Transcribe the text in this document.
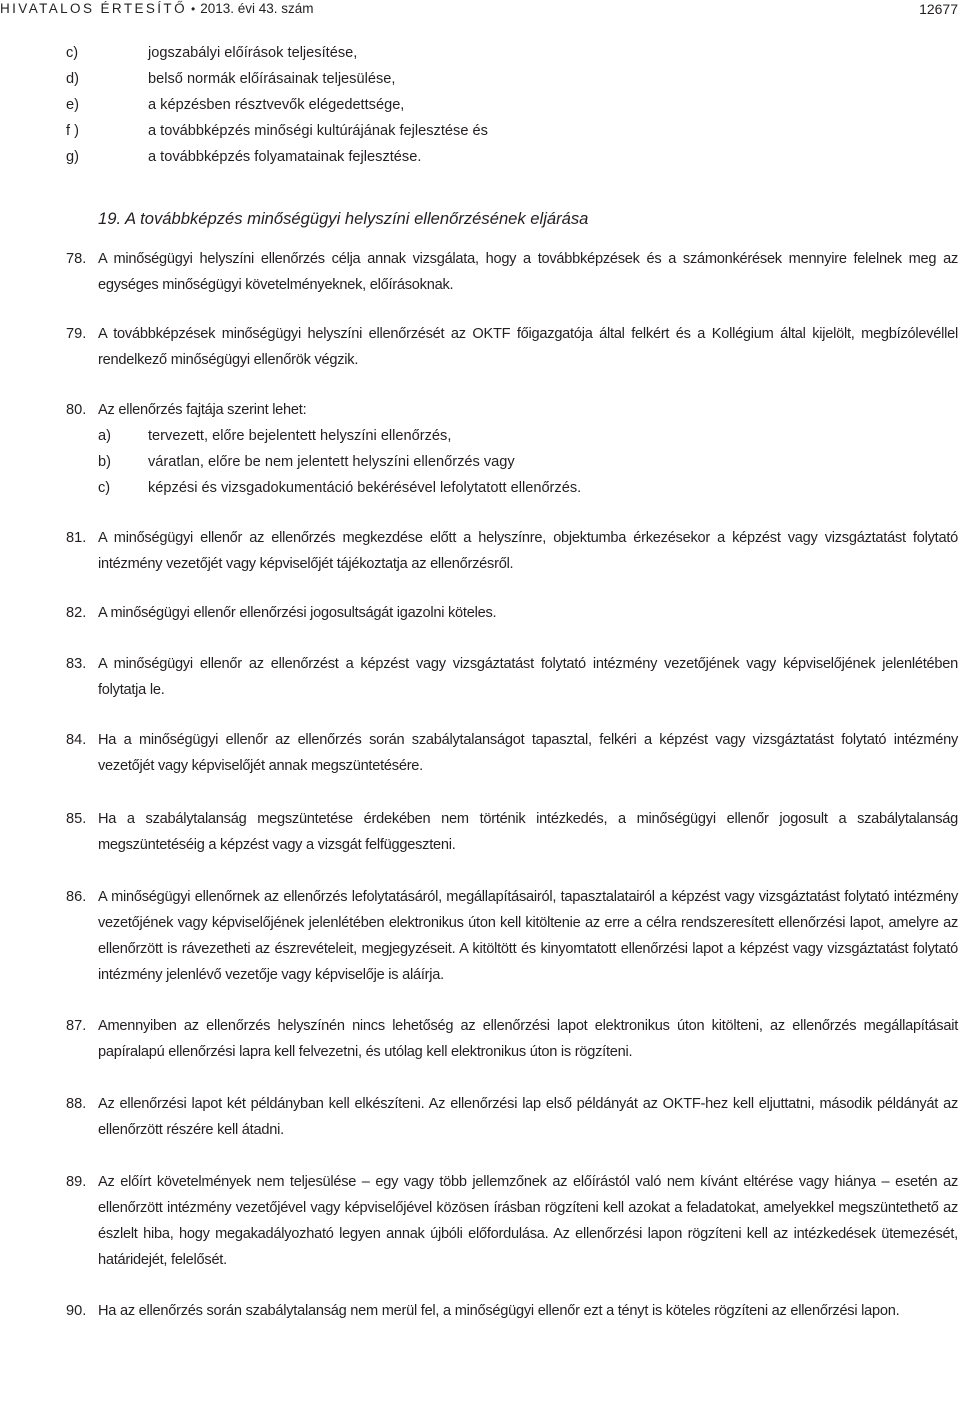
HIVATALOS ÉRTESÍTŐ • 2013. évi 43. szám	12677
c)	jogszabályi előírások teljesítése,
d)	belső normák előírásainak teljesülése,
e)	a képzésben résztvevők elégedettsége,
f )	a továbbképzés minőségi kultúrájának fejlesztése és
g)	a továbbképzés folyamatainak fejlesztése.
19. A továbbképzés minőségügyi helyszíni ellenőrzésének eljárása
78. A minőségügyi helyszíni ellenőrzés célja annak vizsgálata, hogy a továbbképzések és a számonkérések mennyire felelnek meg az egységes minőségügyi követelményeknek, előírásoknak.
79. A továbbképzések minőségügyi helyszíni ellenőrzését az OKTF főigazgatója által felkért és a Kollégium által kijelölt, megbízólevéllel rendelkező minőségügyi ellenőrök végzik.
80. Az ellenőrzés fajtája szerint lehet:
a)	tervezett, előre bejelentett helyszíni ellenőrzés,
b)	váratlan, előre be nem jelentett helyszíni ellenőrzés vagy
c)	képzési és vizsgadokumentáció bekérésével lefolytatott ellenőrzés.
81. A minőségügyi ellenőr az ellenőrzés megkezdése előtt a helyszínre, objektumba érkezésekor a képzést vagy vizsgáztatást folytató intézmény vezetőjét vagy képviselőjét tájékoztatja az ellenőrzésről.
82. A minőségügyi ellenőr ellenőrzési jogosultságát igazolni köteles.
83. A minőségügyi ellenőr az ellenőrzést a képzést vagy vizsgáztatást folytató intézmény vezetőjének vagy képviselőjének jelenlétében folytatja le.
84. Ha a minőségügyi ellenőr az ellenőrzés során szabálytalanságot tapasztal, felkéri a képzést vagy vizsgáztatást folytató intézmény vezetőjét vagy képviselőjét annak megszüntetésére.
85. Ha a szabálytalanság megszüntetése érdekében nem történik intézkedés, a minőségügyi ellenőr jogosult a szabálytalanság megszüntetéséig a képzést vagy a vizsgát felfüggeszteni.
86. A minőségügyi ellenőrnek az ellenőrzés lefolytatásáról, megállapításairól, tapasztalatairól a képzést vagy vizsgáztatást folytató intézmény vezetőjének vagy képviselőjének jelenlétében elektronikus úton kell kitöltenie az erre a célra rendszeresített ellenőrzési lapot, amelyre az ellenőrzött is rávezetheti az észrevételeit, megjegyzéseit. A kitöltött és kinyomtatott ellenőrzési lapot a képzést vagy vizsgáztatást folytató intézmény jelenlévő vezetője vagy képviselője is aláírja.
87. Amennyiben az ellenőrzés helyszínén nincs lehetőség az ellenőrzési lapot elektronikus úton kitölteni, az ellenőrzés megállapításait papíralapú ellenőrzési lapra kell felvezetni, és utólag kell elektronikus úton is rögzíteni.
88. Az ellenőrzési lapot két példányban kell elkészíteni. Az ellenőrzési lap első példányát az OKTF-hez kell eljuttatni, második példányát az ellenőrzött részére kell átadni.
89. Az előírt követelmények nem teljesülése – egy vagy több jellemzőnek az előírástól való nem kívánt eltérése vagy hiánya – esetén az ellenőrzött intézmény vezetőjével vagy képviselőjével közösen írásban rögzíteni kell azokat a feladatokat, amelyekkel megszüntethető az észlelt hiba, hogy megakadályozható legyen annak újbóli előfordulása. Az ellenőrzési lapon rögzíteni kell az intézkedések ütemezését, határidejét, felelősét.
90. Ha az ellenőrzés során szabálytalanság nem merül fel, a minőségügyi ellenőr ezt a tényt is köteles rögzíteni az ellenőrzési lapon.
